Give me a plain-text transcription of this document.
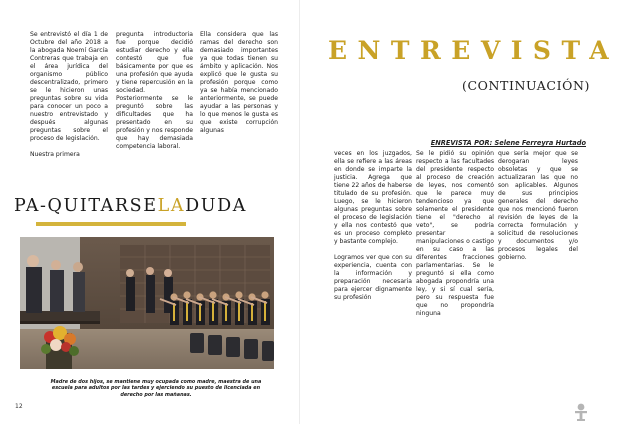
Se entrevistó el día 1 de Octubre del año 2018 a la abogada Noemí García Contreras que trabaja en el área jurídica del organismo público descentralizado, primero se le hicieron unas preguntas sobre su vida para conocer un poco a nuestro entrevistado y después algunas preguntas sobre el proceso de legislación.

Nuestra primera

pregunta introductoria fue porque decidió estudiar derecho y ella contestó que fue básicamente por que es una profesión que ayuda y tiene repercusión en la sociedad. Posteriormente se le preguntó sobre las dificultades que ha presentado en su profesión y nos responde que hay demasiada competencia laboral.

Ella considera que las ramas del derecho son demasiado importantes ya que todas tienen su ámbito y aplicación. Nos explicó que le gusta su profesión porque como ya se había mencionado anteriormente, se puede ayudar a las personas y lo que menos le gusta es que existe corrupción algunas

PA-QUITARSELADUDA
Madre de dos hijos, se mantiene muy ocupada como madre, maestra de una escuela para adultos por las tardes y ejerciendo su puesto de licenciada en derecho por las mañanas.
12
ENTREVISTA
(CONTINUACIÓN)
ENREVISTA POR: Selene Ferreyra Hurtado

veces en los juzgados, ella se refiere a las áreas en donde se imparte la justicia. Agrega que tiene 22 años de haberse titulado de su profesión. Luego, se le hicieron algunas preguntas sobre el proceso de legislación y ella nos contestó que es un proceso completo y bastante complejo.

Logramos ver que con su experiencia, cuenta con la información y preparación necesaria para ejercer dignamente su profesión

Se le pidió su opinión respecto a las facultades del presidente respecto al proceso de creación de leyes, nos comentó que le parece muy tendencioso ya que solamente el presidente tiene el "derecho al veto", se podría presentar a manipulaciones o castigo en su caso a las diferentes fracciones parlamentarias. Se le preguntó si ella como abogada propondría una ley, y si sí cual sería, pero su respuesta fue que no propondría ninguna

que sería mejor que se derogaran leyes obsoletas y que se actualizaran las que no son aplicables. Algunos de sus principios generales del derecho que nos mencionó fueron revisión de leyes de la correcta formulación y solicitud de resoluciones y documentos y/o procesos legales del gobierno.
